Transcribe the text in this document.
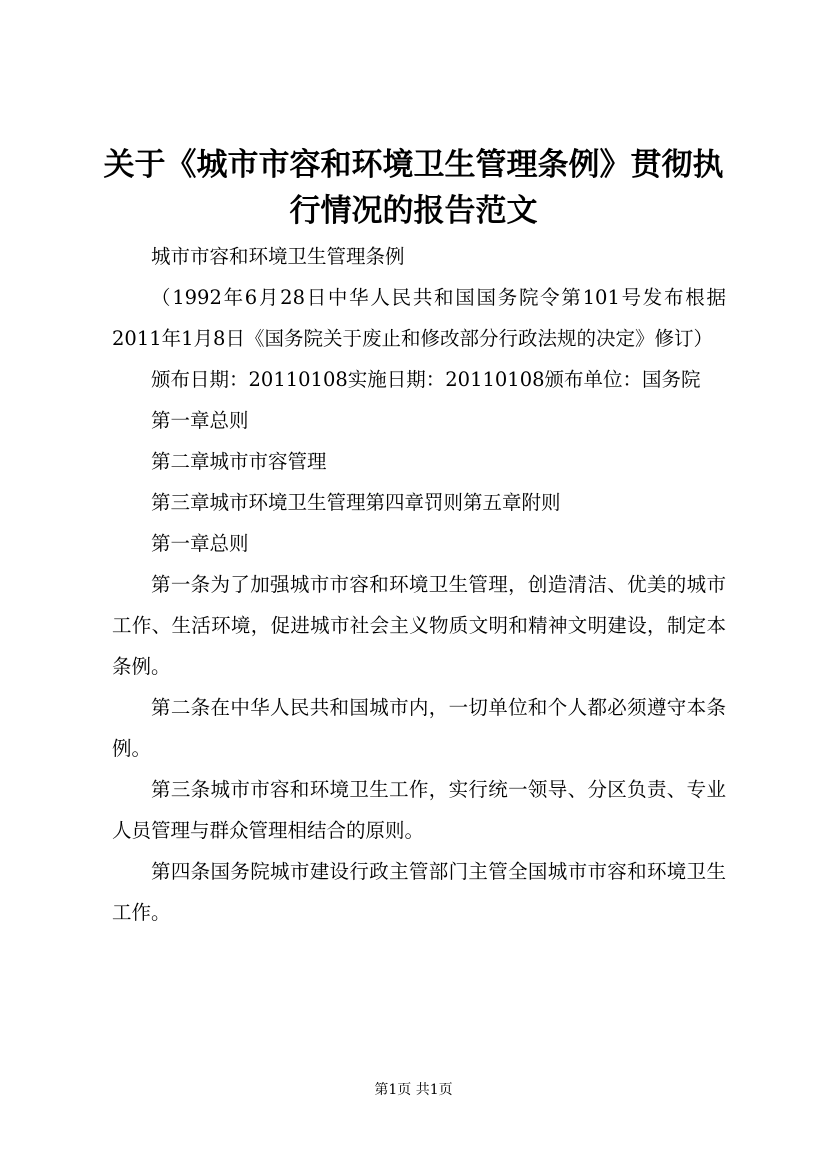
关于《城市市容和环境卫生管理条例》贯彻执行情况的报告范文

城市市容和环境卫生管理条例

（1992年6月28日中华人民共和国国务院令第101号发布根据2011年1月8日《国务院关于废止和修改部分行政法规的决定》修订）

颁布日期：20110108实施日期：20110108颁布单位：国务院

第一章总则

第二章城市市容管理

第三章城市环境卫生管理第四章罚则第五章附则

第一章总则

第一条为了加强城市市容和环境卫生管理，创造清洁、优美的城市工作、生活环境，促进城市社会主义物质文明和精神文明建设，制定本条例。

第二条在中华人民共和国城市内，一切单位和个人都必须遵守本条例。

第三条城市市容和环境卫生工作，实行统一领导、分区负责、专业人员管理与群众管理相结合的原则。

第四条国务院城市建设行政主管部门主管全国城市市容和环境卫生工作。

第1页 共1页
